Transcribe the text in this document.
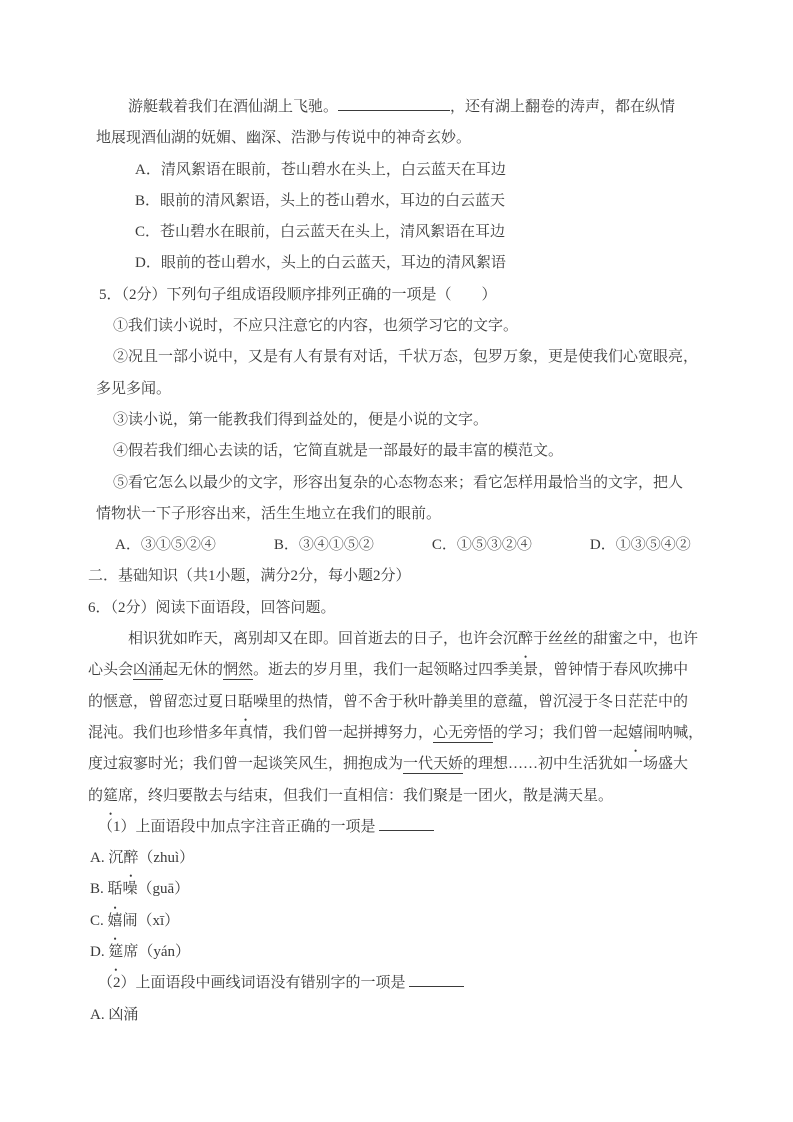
游艇载着我们在酒仙湖上飞驰。	，还有湖上翻卷的涛声，都在纵情
地展现酒仙湖的妩媚、幽深、浩渺与传说中的神奇玄妙。
A．清风絮语在眼前，苍山碧水在头上，白云蓝天在耳边
B．眼前的清风絮语，头上的苍山碧水，耳边的白云蓝天
C．苍山碧水在眼前，白云蓝天在头上，清风絮语在耳边
D．眼前的苍山碧水，头上的白云蓝天，耳边的清风絮语
5．（2分）下列句子组成语段顺序排列正确的一项是（　　）
①我们读小说时，不应只注意它的内容，也须学习它的文字。
②况且一部小说中，又是有人有景有对话，千状万态，包罗万象，更是使我们心宽眼亮，
多见多闻。
③读小说，第一能教我们得到益处的，便是小说的文字。
④假若我们细心去读的话，它简直就是一部最好的最丰富的模范文。
⑤看它怎么以最少的文字，形容出复杂的心态物态来；看它怎样用最恰当的文字，把人
情物状一下子形容出来，活生生地立在我们的眼前。
A．③①⑤②④	B．③④①⑤②	C．①⑤③②④	D．①③⑤④②
二．基础知识（共1小题，满分2分，每小题2分）
6．（2分）阅读下面语段，回答问题。
相识犹如昨天，离别却又在即。回首逝去的日子，也许会沉醉于丝丝的甜蜜之中，也许
心头会凶涌起无休的惘然。逝去的岁月里，我们一起领略过四季美景，曾钟情于春风吹拂中
的惬意，曾留恋过夏日聒噪里的热情，曾不舍于秋叶静美里的意蕴，曾沉浸于冬日茫茫中的
混沌。我们也珍惜多年真情，我们曾一起拼搏努力，心无旁悟的学习；我们曾一起嬉闹呐喊，
度过寂寥时光；我们曾一起谈笑风生，拥抱成为一代天娇的理想……初中生活犹如一场盛大
的筵席，终归要散去与结束，但我们一直相信：我们聚是一团火，散是满天星。
（1）上面语段中加点字注音正确的一项是
A. 沉醉（zhuì）
B. 聒噪（guā）
C. 嬉闹（xī）
D. 筵席（yán）
（2）上面语段中画线词语没有错别字的一项是
A. 凶涌
